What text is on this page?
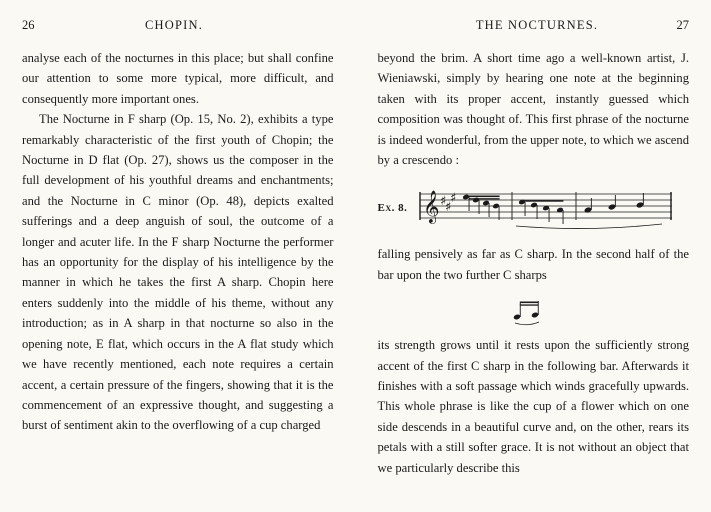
26	CHOPIN.

analyse each of the nocturnes in this place; but shall confine our attention to some more typical, more difficult, and consequently more important ones.

The Nocturne in F sharp (Op. 15, No. 2), exhibits a type remarkably characteristic of the first youth of Chopin; the Nocturne in D flat (Op. 27), shows us the composer in the full development of his youthful dreams and enchantments; and the Nocturne in C minor (Op. 48), depicts exalted sufferings and a deep anguish of soul, the outcome of a longer and acuter life. In the F sharp Nocturne the performer has an opportunity for the display of his intelligence by the manner in which he takes the first A sharp. Chopin here enters suddenly into the middle of his theme, without any introduction; as in A sharp in that nocturne so also in the opening note, E flat, which occurs in the A flat study which we have recently mentioned, each note requires a certain accent, a certain pressure of the fingers, showing that it is the commencement of an expressive thought, and suggesting a burst of sentiment akin to the overflowing of a cup charged

THE NOCTURNES.	27

beyond the brim. A short time ago a well-known artist, J. Wieniawski, simply by hearing one note at the beginning taken with its proper accent, instantly guessed which composition was thought of. This first phrase of the nocturne is indeed wonderful, from the upper note, to which we ascend by a crescendo :

Ex. 8. 𝄞 ♯
♯
♯

falling pensively as far as C sharp. In the second half of the bar upon the two further C sharps

its strength grows until it rests upon the sufficiently strong accent of the first C sharp in the following bar. Afterwards it finishes with a soft passage which winds gracefully upwards. This whole phrase is like the cup of a flower which on one side descends in a beautiful curve and, on the other, rears its petals with a still softer grace. It is not without an object that we particularly describe this
